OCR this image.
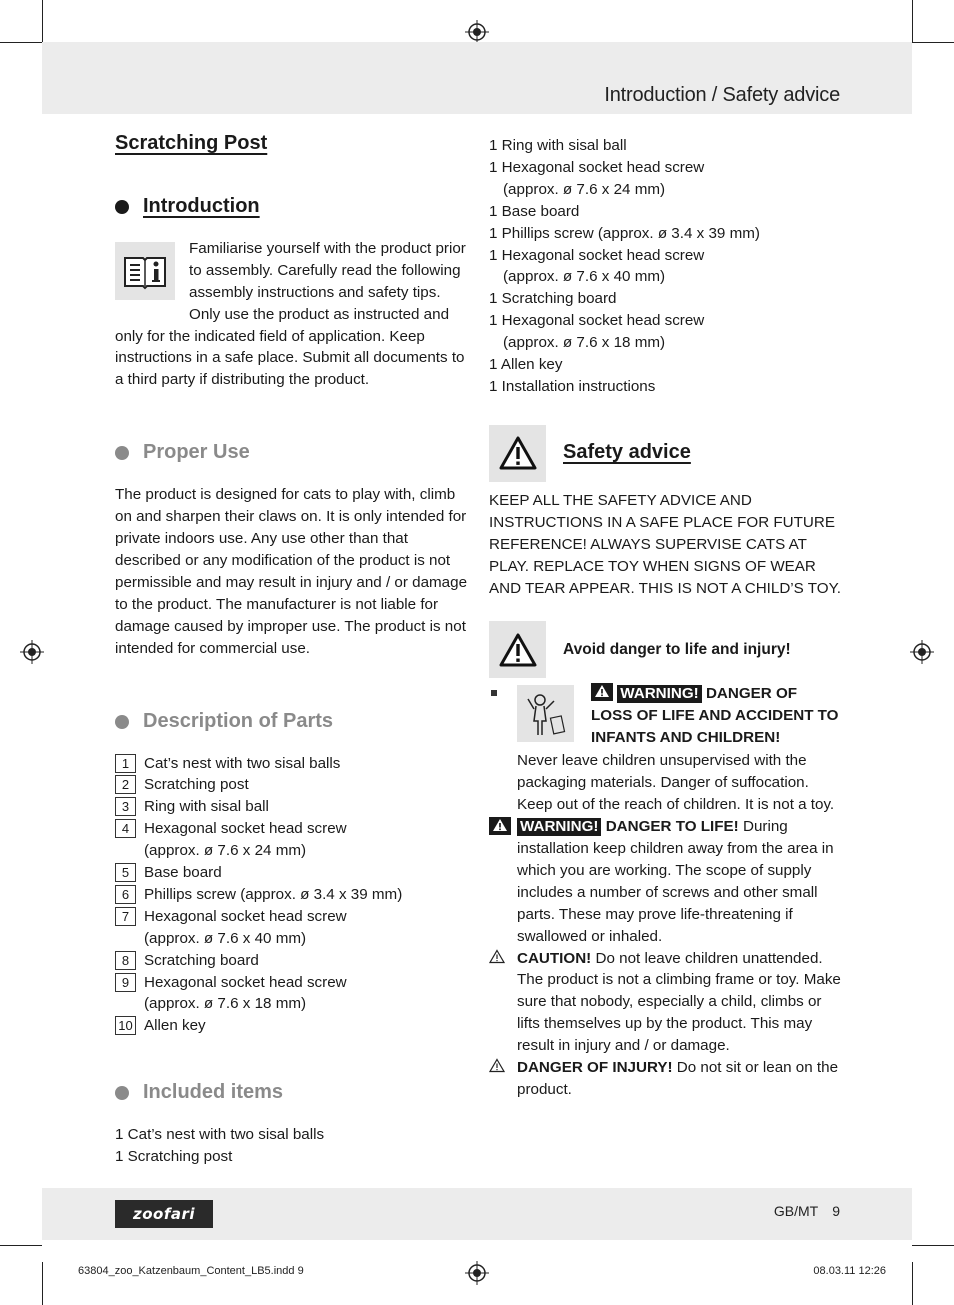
Introduction / Safety advice
Scratching Post
Introduction
Familiarise yourself with the product prior to assembly. Carefully read the following assembly instructions and safety tips. Only use the product as instructed and only for the indicated field of application. Keep instructions in a safe place. Submit all documents to a third party if distributing the product.
Proper Use
The product is designed for cats to play with, climb on and sharpen their claws on. It is only intended for private indoors use. Any use other than that described or any modification of the product is not permissible and may result in injury and / or damage to the product. The manufacturer is not liable for damage caused by improper use. The product is not intended for commercial use.
Description of Parts
1 Cat’s nest with two sisal balls
2 Scratching post
3 Ring with sisal ball
4 Hexagonal socket head screw
(approx. ø 7.6 x 24 mm)
5 Base board
6 Phillips screw (approx. ø 3.4 x 39 mm)
7 Hexagonal socket head screw
(approx. ø 7.6 x 40 mm)
8 Scratching board
9 Hexagonal socket head screw
(approx. ø 7.6 x 18 mm)
10 Allen key
Included items
1 Cat’s nest with two sisal balls
1 Scratching post
1 Ring with sisal ball
1 Hexagonal socket head screw
(approx. ø 7.6 x 24 mm)
1 Base board
1 Phillips screw (approx. ø 3.4 x 39 mm)
1 Hexagonal socket head screw
(approx. ø 7.6 x 40 mm)
1 Scratching board
1 Hexagonal socket head screw
(approx. ø 7.6 x 18 mm)
1 Allen key
1 Installation instructions
Safety advice
KEEP ALL THE SAFETY ADVICE AND INSTRUCTIONS IN A SAFE PLACE FOR FUTURE REFERENCE! ALWAYS SUPERVISE CATS AT PLAY. REPLACE TOY WHEN SIGNS OF WEAR AND TEAR APPEAR. THIS IS NOT A CHILD’S TOY.
Avoid danger to life and injury!
WARNING! DANGER OF LOSS OF LIFE AND ACCIDENT TO INFANTS AND CHILDREN!
Never leave children unsupervised with the packaging materials. Danger of suffocation. Keep out of the reach of children. It is not a toy.
WARNING! DANGER TO LIFE! During installation keep children away from the area in which you are working. The scope of supply includes a number of screws and other small parts. These may prove life-threatening if swallowed or inhaled.
CAUTION! Do not leave children unattended. The product is not a climbing frame or toy. Make sure that nobody, especially a child, climbs or lifts themselves up by the product. This may result in injury and / or damage.
DANGER OF INJURY! Do not sit or lean on the product.
zoofari	GB/MT 9
63804_zoo_Katzenbaum_Content_LB5.indd 9	08.03.11 12:26
